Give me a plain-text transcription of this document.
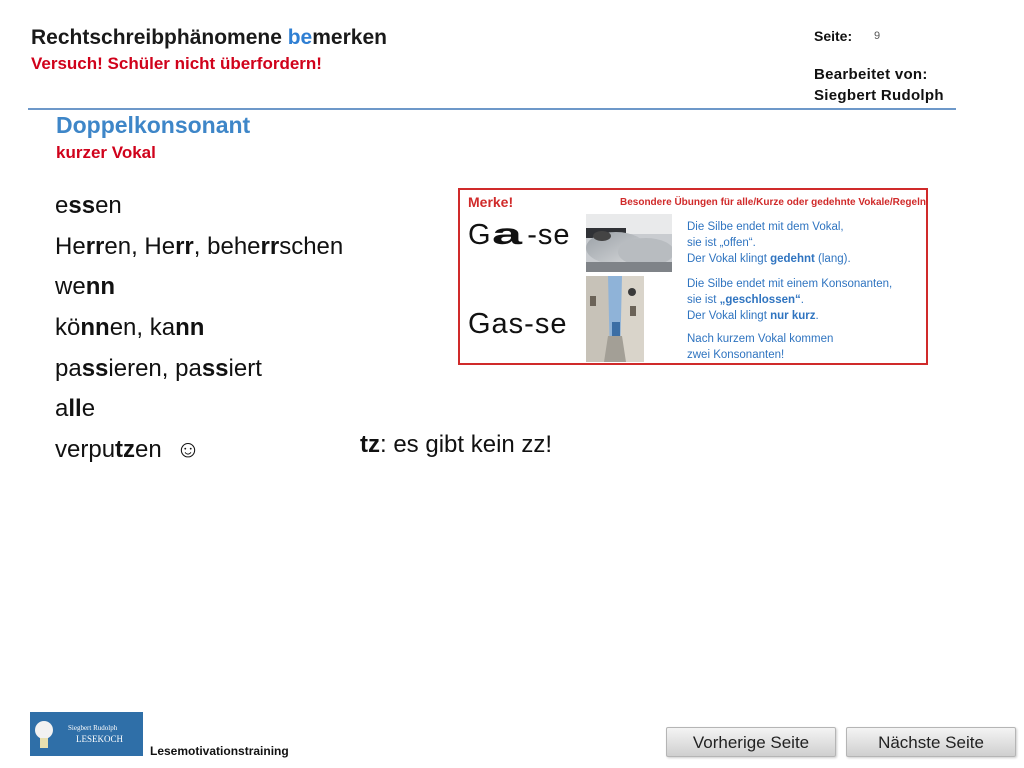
Rechtschreibphänomene bemerken
Versuch! Schüler nicht überfordern!
Seite: 9
Bearbeitet von:
Siegbert Rudolph
Doppelkonsonant
kurzer Vokal
essen
Herren, Herr, beherrschen
wenn
können, kann
passieren, passiert
alle
verputzen ☺	tz: es gibt kein zz!
Merke!	Besondere Übungen für alle/Kurze oder gedehnte Vokale/Regeln
Ga -se
Gas-se
Die Silbe endet mit dem Vokal,
sie ist „offen“.
Der Vokal klingt gedehnt (lang).
Die Silbe endet mit einem Konsonanten,
sie ist „geschlossen“.
Der Vokal klingt nur kurz.
Nach kurzem Vokal kommen
zwei Konsonanten!
Siegbert Rudolph
LESEKOCH
Lesemotivationstraining	Vorherige Seite	Nächste Seite
